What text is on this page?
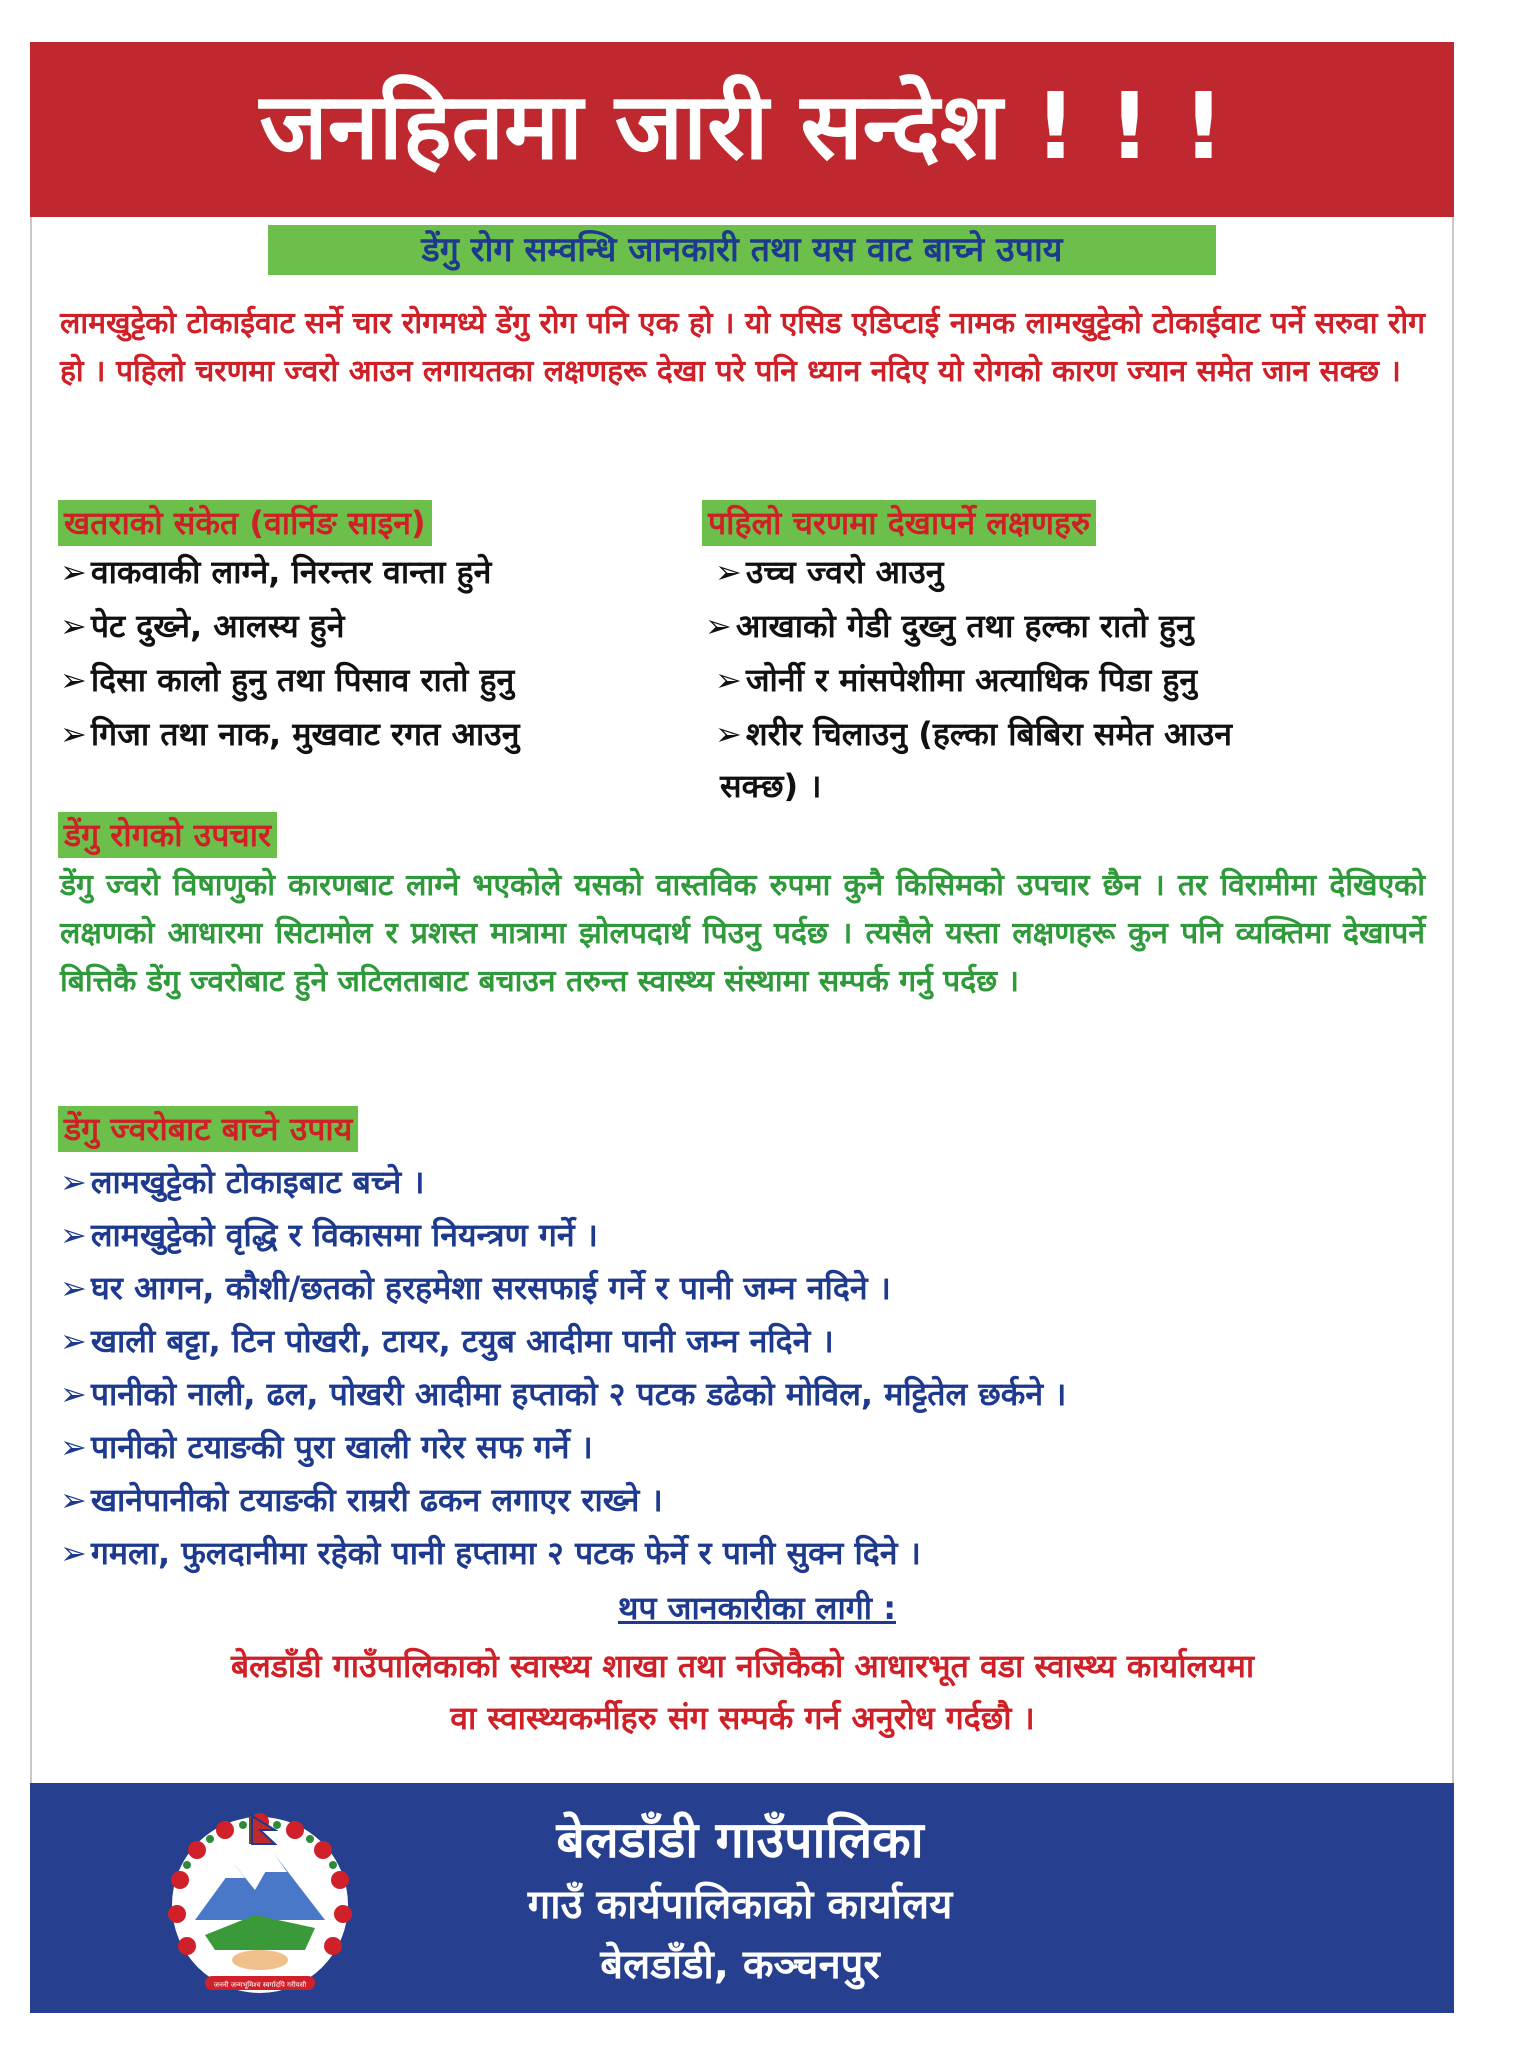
जनहितमा जारी सन्देश ! ! !
डेंगु रोग सम्वन्धि जानकारी तथा यस वाट बाच्ने उपाय
लामखुट्टेको टोकाईवाट सर्ने चार रोगमध्ये डेंगु रोग पनि एक हो । यो एसिड एडिप्टाई नामक लामखुट्टेको टोकाईवाट पर्ने सरुवा रोग हो । पहिलो चरणमा ज्वरो आउन लगायतका लक्षणहरू देखा परे पनि ध्यान नदिए यो रोगको कारण ज्यान समेत जान सक्छ ।
खतराको संकेत (वार्निङ साइन)
➢ वाकवाकी लाग्ने, निरन्तर वान्ता हुने
➢ पेट दुख्ने, आलस्य हुने
➢ दिसा कालो हुनु तथा पिसाव रातो हुनु
➢ गिजा तथा नाक, मुखवाट रगत आउनु
पहिलो चरणमा देखापर्ने लक्षणहरु
➢ उच्च ज्वरो आउनु
➢ आखाको गेडी दुख्नु तथा हल्का रातो हुनु
➢ जोर्नी र मांसपेशीमा अत्याधिक पिडा हुनु
➢ शरीर चिलाउनु (हल्का बिबिरा समेत आउन
सक्छ) ।
डेंगु रोगको उपचार
डेंगु ज्वरो विषाणुको कारणबाट लाग्ने भएकोले यसको वास्तविक रुपमा कुनै किसिमको उपचार छैन । तर विरामीमा देखिएको लक्षणको आधारमा सिटामोल र प्रशस्त मात्रामा झोलपदार्थ पिउनु पर्दछ । त्यसैले यस्ता लक्षणहरू कुन पनि व्यक्तिमा देखापर्ने बित्तिकै डेंगु ज्वरोबाट हुने जटिलताबाट बचाउन तरुन्त स्वास्थ्य संस्थामा सम्पर्क गर्नु पर्दछ ।
डेंगु ज्वरोबाट बाच्ने उपाय
➢ लामखुट्टेको टोकाइबाट बच्ने ।
➢ लामखुट्टेको वृद्धि र विकासमा नियन्त्रण गर्ने ।
➢ घर आगन, कौशी/छतको हरहमेशा सरसफाई गर्ने र पानी जम्न नदिने ।
➢ खाली बट्टा, टिन पोखरी, टायर, टयुब आदीमा पानी जम्न नदिने ।
➢ पानीको नाली, ढल, पोखरी आदीमा हप्ताको २ पटक डढेको मोविल, मट्टितेल छर्कने ।
➢ पानीको टयाङकी पुरा खाली गरेर सफ गर्ने ।
➢ खानेपानीको टयाङकी राम्ररी ढकन लगाएर राख्ने ।
➢ गमला, फुलदानीमा रहेको पानी हप्तामा २ पटक फेर्ने र पानी सुक्न दिने ।
थप जानकारीका लागी :
बेलडाँडी गाउँपालिकाको स्वास्थ्य शाखा तथा नजिकैको आधारभूत वडा स्वास्थ्य कार्यालयमा
वा स्वास्थ्यकर्मीहरु संग सम्पर्क गर्न अनुरोध गर्दछौ ।
जननी जन्मभूमिश्च स्वर्गादपि गरीयसी
बेलडाँडी गाउँपालिका
गाउँ कार्यपालिकाको कार्यालय
बेलडाँडी, कञ्चनपुर
